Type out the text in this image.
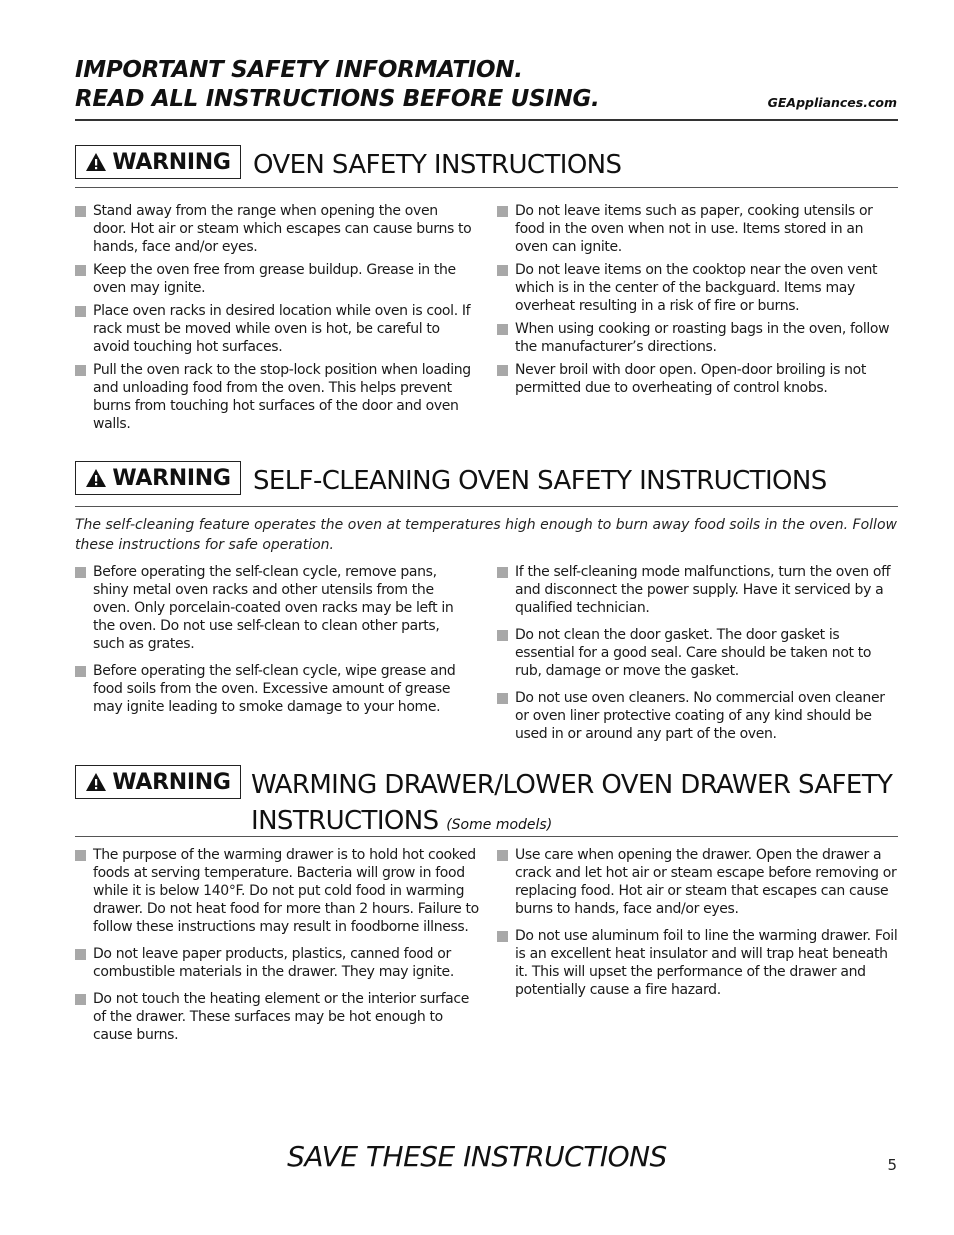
IMPORTANT SAFETY INFORMATION.
READ ALL INSTRUCTIONS BEFORE USING.	GEAppliances.com
WARNING OVEN SAFETY INSTRUCTIONS
Stand away from the range when opening the oven door. Hot air or steam which escapes can cause burns to hands, face and/or eyes.
Keep the oven free from grease buildup. Grease in the oven may ignite.
Place oven racks in desired location while oven is cool. If rack must be moved while oven is hot, be careful to avoid touching hot surfaces.
Pull the oven rack to the stop-lock position when loading and unloading food from the oven. This helps prevent burns from touching hot surfaces of the door and oven walls.
Do not leave items such as paper, cooking utensils or food in the oven when not in use. Items stored in an oven can ignite.
Do not leave items on the cooktop near the oven vent which is in the center of the backguard. Items may overheat resulting in a risk of fire or burns.
When using cooking or roasting bags in the oven, follow the manufacturer’s directions.
Never broil with door open. Open-door broiling is not permitted due to overheating of control knobs.
WARNING SELF-CLEANING OVEN SAFETY INSTRUCTIONS
The self-cleaning feature operates the oven at temperatures high enough to burn away food soils in the oven. Follow these instructions for safe operation.
Before operating the self-clean cycle, remove pans, shiny metal oven racks and other utensils from the oven. Only porcelain-coated oven racks may be left in the oven. Do not use self-clean to clean other parts, such as grates.
Before operating the self-clean cycle, wipe grease and food soils from the oven. Excessive amount of grease may ignite leading to smoke damage to your home.
If the self-cleaning mode malfunctions, turn the oven off and disconnect the power supply. Have it serviced by a qualified technician.
Do not clean the door gasket. The door gasket is essential for a good seal. Care should be taken not to rub, damage or move the gasket.
Do not use oven cleaners. No commercial oven cleaner or oven liner protective coating of any kind should be used in or around any part of the oven.
WARNING WARMING DRAWER/LOWER OVEN DRAWER SAFETY
INSTRUCTIONS (Some models)
The purpose of the warming drawer is to hold hot cooked foods at serving temperature. Bacteria will grow in food while it is below 140°F. Do not put cold food in warming drawer. Do not heat food for more than 2 hours. Failure to follow these instructions may result in foodborne illness.
Do not leave paper products, plastics, canned food or combustible materials in the drawer. They may ignite.
Do not touch the heating element or the interior surface of the drawer. These surfaces may be hot enough to cause burns.
Use care when opening the drawer. Open the drawer a crack and let hot air or steam escape before removing or replacing food. Hot air or steam that escapes can cause burns to hands, face and/or eyes.
Do not use aluminum foil to line the warming drawer. Foil is an excellent heat insulator and will trap heat beneath it. This will upset the performance of the drawer and potentially cause a fire hazard.
SAVE THESE INSTRUCTIONS	5
